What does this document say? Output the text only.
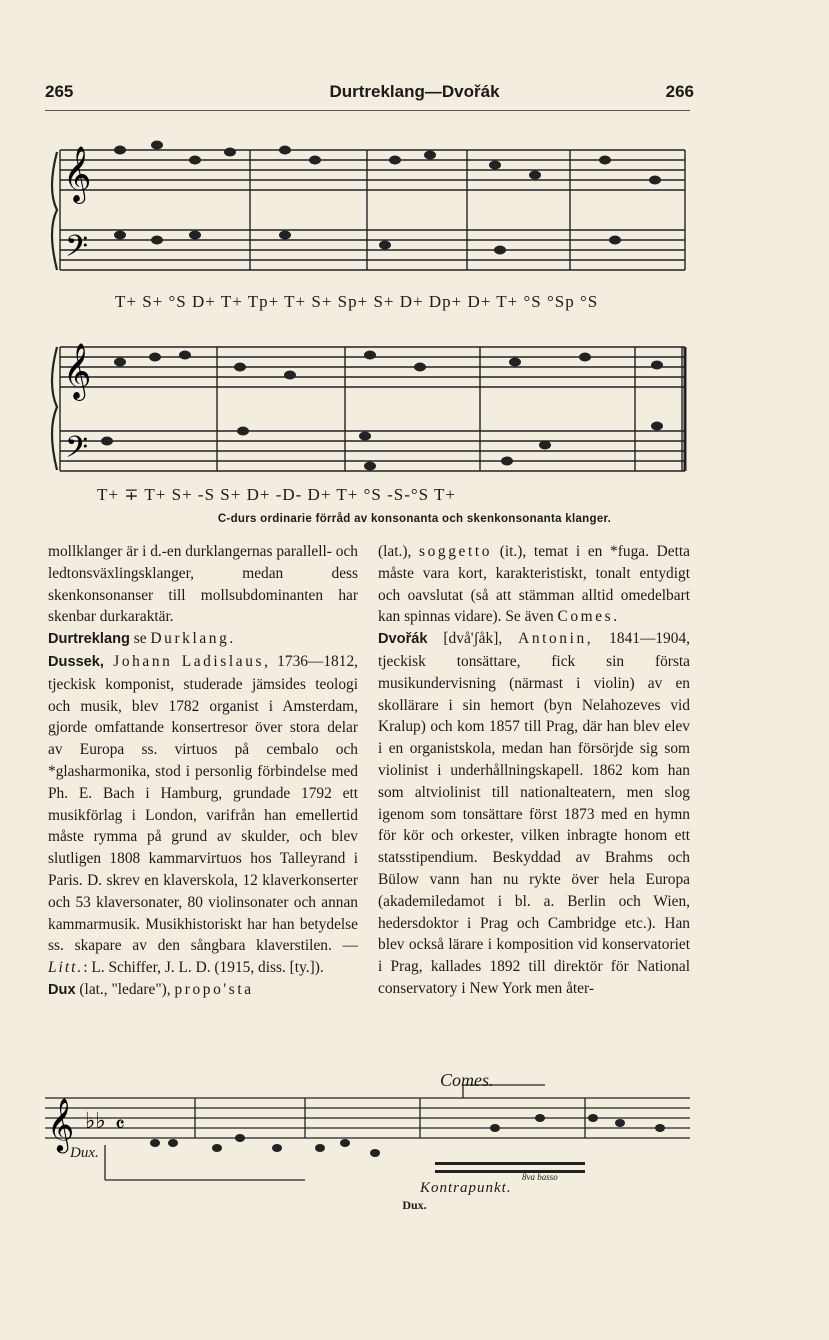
265	Durtreklang—Dvořák	266
𝄞
𝄢
T+ S+ °S D+ T+ Tp+ T+ S+ Sp+ S+ D+ Dp+ D+ T+ °S °Sp °S
𝄞
𝄢
T+ ∓ T+ S+ -S S+ D+ -D- D+ T+ °S -S-°S T+
C-durs ordinarie förråd av konsonanta och skenkonsonanta klanger.

mollklanger är i d.-en durklangernas parallell- och ledtonsväxlingsklanger, medan dess skenkonsonanser till mollsubdominanten har skenbar durkaraktär.

Durtreklang se Durklang.

Dussek, Johann Ladislaus, 1736—1812, tjeckisk komponist, studerade jämsides teologi och musik, blev 1782 organist i Amsterdam, gjorde omfattande konsertresor över stora delar av Europa ss. virtuos på cembalo och *glasharmonika, stod i personlig förbindelse med Ph. E. Bach i Hamburg, grundade 1792 ett musikförlag i London, varifrån han emellertid måste rymma på grund av skulder, och blev slutligen 1808 kammarvirtuos hos Talleyrand i Paris. D. skrev en klaverskola, 12 klaverkonserter och 53 klaversonater, 80 violinsonater och annan kammarmusik. Musikhistoriskt har han betydelse ss. skapare av den sångbara klaverstilen. — Litt.: L. Schiffer, J. L. D. (1915, diss. [ty.]).

Dux (lat., "ledare"), propo'sta

(lat.), soggetto (it.), temat i en *fuga. Detta måste vara kort, karakteristiskt, tonalt entydigt och oavslutat (så att stämman alltid omedelbart kan spinnas vidare). Se även Comes.

Dvořák [dvå'ʃåk], Antonin, 1841—1904, tjeckisk tonsättare, fick sin första musikundervisning (närmast i violin) av en skollärare i sin hemort (byn Nelahozeves vid Kralup) och kom 1857 till Prag, där han blev elev i en organistskola, medan han försörjde sig som violinist i underhållningskapell. 1862 kom han som altviolinist till nationalteatern, men slog igenom som tonsättare först 1873 med en hymn för kör och orkester, vilken inbragte honom ett statsstipendium. Beskyddad av Brahms och Bülow vann han nu rykte över hela Europa (akademiledamot i bl. a. Berlin och Wien, hedersdoktor i Prag och Cambridge etc.). Han blev också lärare i komposition vid konservatoriet i Prag, kallades 1892 till direktör för National conservatory i New York men åter-

𝄞 ♭♭ 𝄴
Comes.
Dux.
8va basso
Kontrapunkt.
Dux.
